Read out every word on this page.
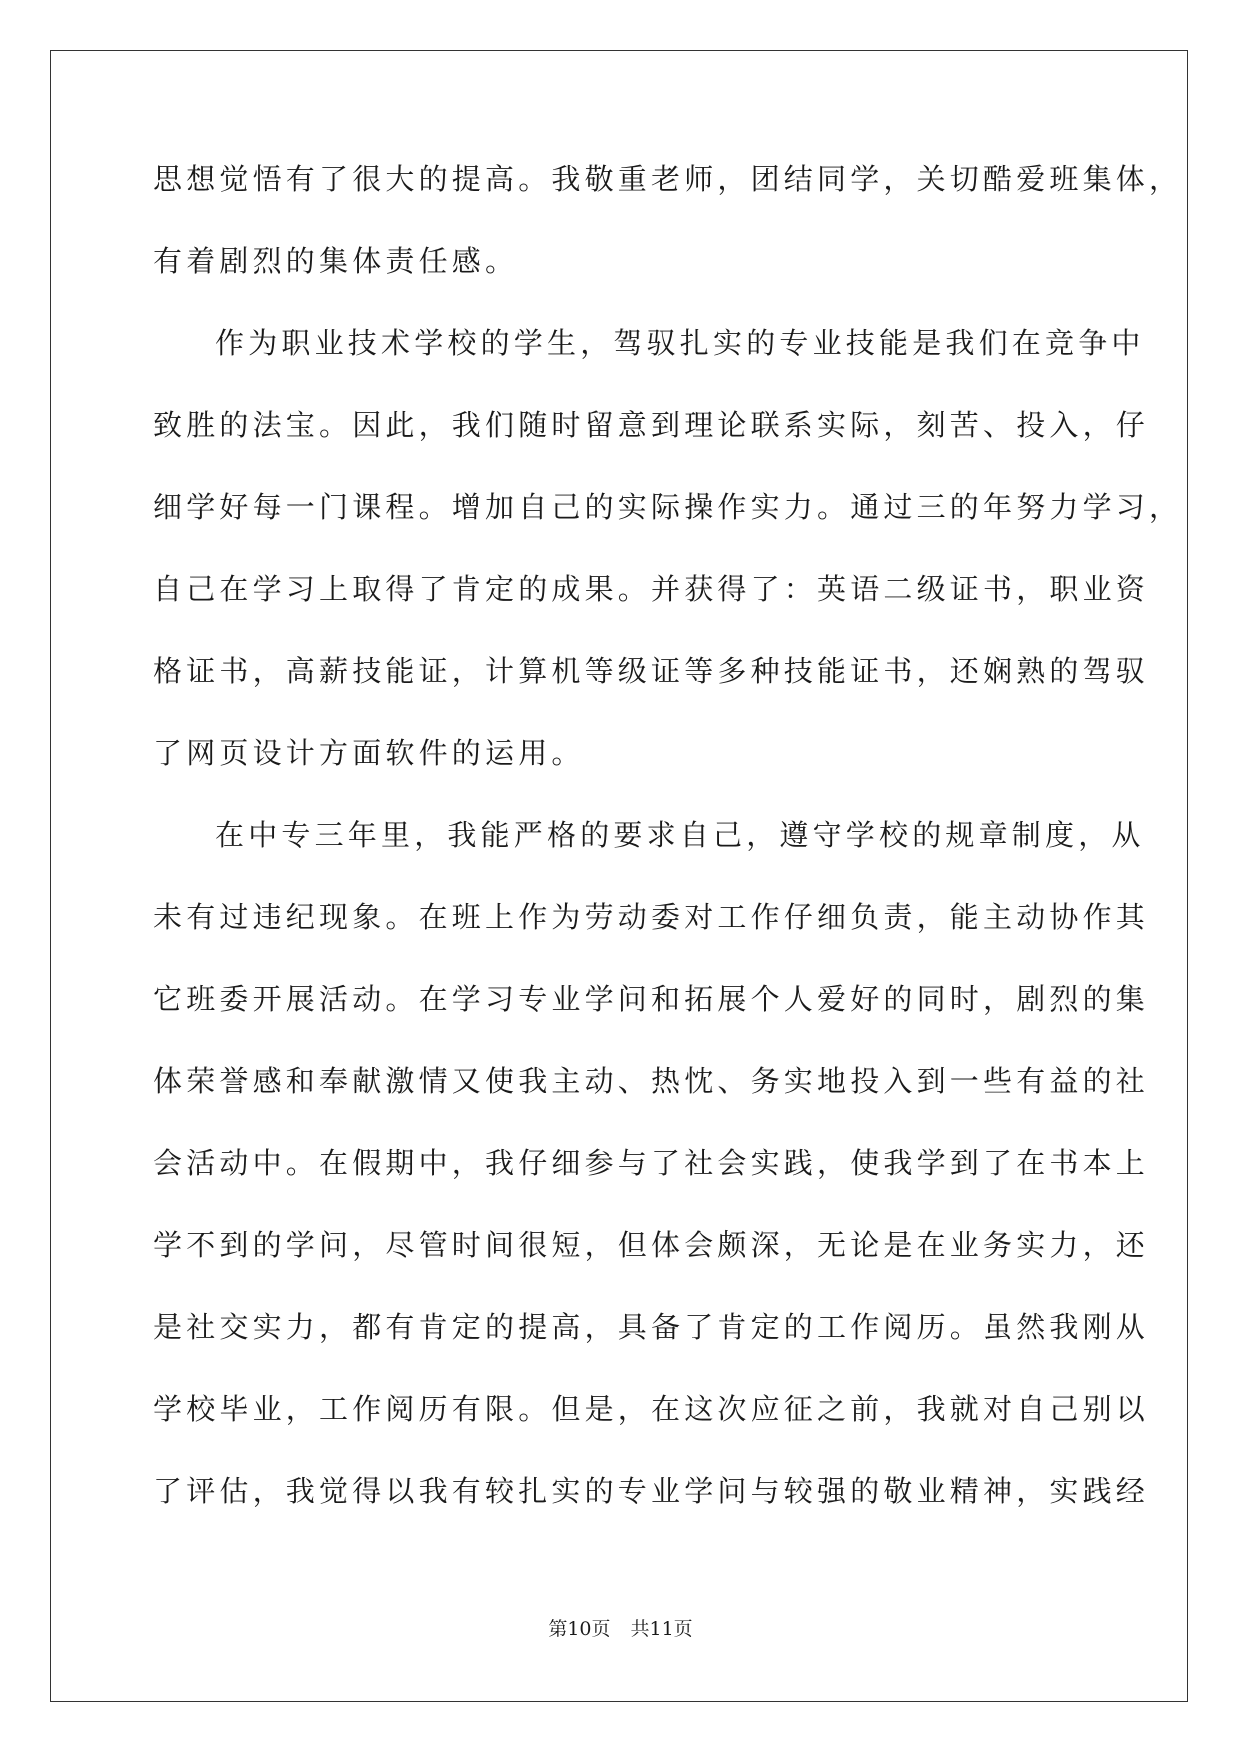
思想觉悟有了很大的提高。我敬重老师，团结同学，关切酷爱班集体，
有着剧烈的集体责任感。
作为职业技术学校的学生，驾驭扎实的专业技能是我们在竞争中
致胜的法宝。因此，我们随时留意到理论联系实际，刻苦、投入，仔
细学好每一门课程。增加自己的实际操作实力。通过三的年努力学习，
自己在学习上取得了肯定的成果。并获得了：英语二级证书，职业资
格证书，高薪技能证，计算机等级证等多种技能证书，还娴熟的驾驭
了网页设计方面软件的运用。
在中专三年里，我能严格的要求自己，遵守学校的规章制度，从
未有过违纪现象。在班上作为劳动委对工作仔细负责，能主动协作其
它班委开展活动。在学习专业学问和拓展个人爱好的同时，剧烈的集
体荣誉感和奉献激情又使我主动、热忱、务实地投入到一些有益的社
会活动中。在假期中，我仔细参与了社会实践，使我学到了在书本上
学不到的学问，尽管时间很短，但体会颇深，无论是在业务实力，还
是社交实力，都有肯定的提高，具备了肯定的工作阅历。虽然我刚从
学校毕业，工作阅历有限。但是，在这次应征之前，我就对自己别以
了评估，我觉得以我有较扎实的专业学问与较强的敬业精神，实践经
第10页 共11页
